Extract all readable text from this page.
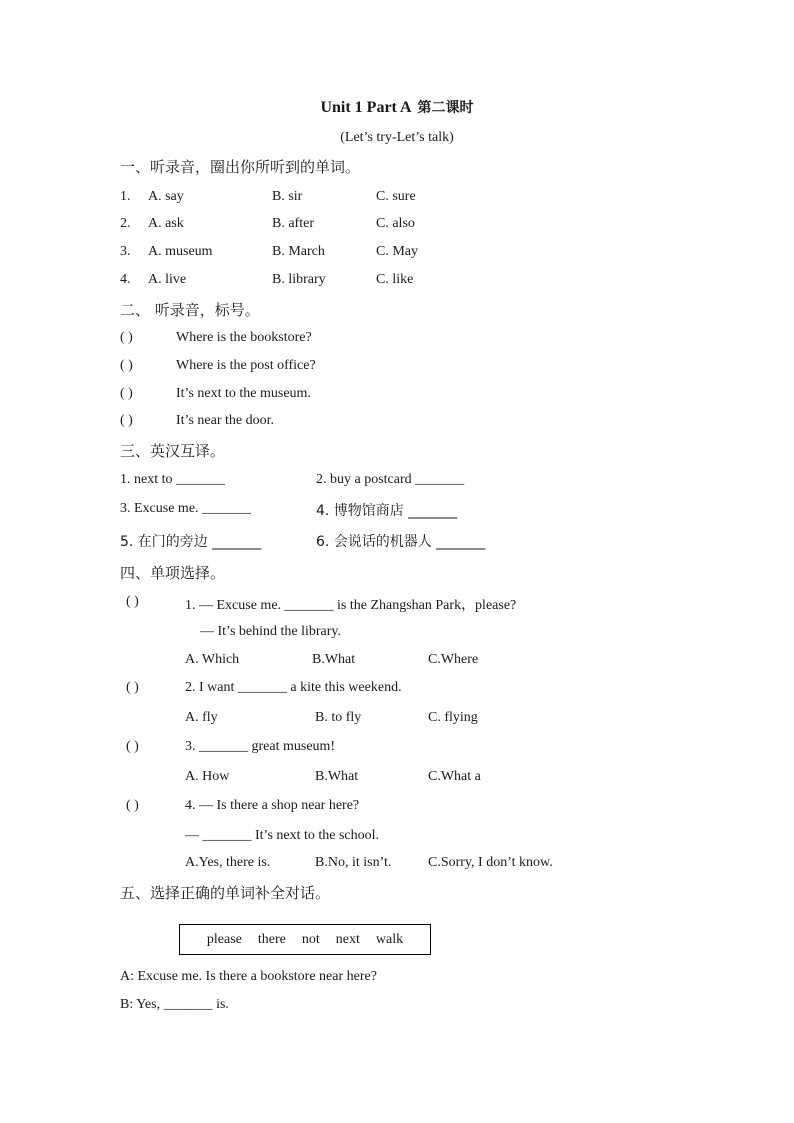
Unit 1 Part A 第二课时
(Let’s try-Let’s talk)
一、听录音，圈出你所听到的单词。
1. A. say	B. sir	C. sure
2. A. ask	B. after	C. also
3. A. museum	B. March	C. May
4. A. live	B. library	C. like
二、 听录音，标号。
( )	Where is the bookstore?
( )	Where is the post office?
( )	It’s next to the museum.
( )	It’s near the door.
三、英汉互译。
1. next to _______	2. buy a postcard _______
3. Excuse me. _______	4. 博物馆商店 _______
5. 在门的旁边 _______	6. 会说话的机器人 _______
四、单项选择。
( )	1. — Excuse me. _______ is the Zhangshan Park，please?
— It’s behind the library.
A. Which	B.What	C.Where
( )	2. I want _______ a kite this weekend.
A. fly	B. to fly	C. flying
( )	3. _______ great museum!
A. How	B.What	C.What a
( )	4. — Is there a shop near here?
— _______ It’s next to the school.
A.Yes, there is.	B.No, it isn’t.	C.Sorry, I don’t know.
五、选择正确的单词补全对话。
please there not next walk
A: Excuse me. Is there a bookstore near here?
B: Yes, _______ is.
